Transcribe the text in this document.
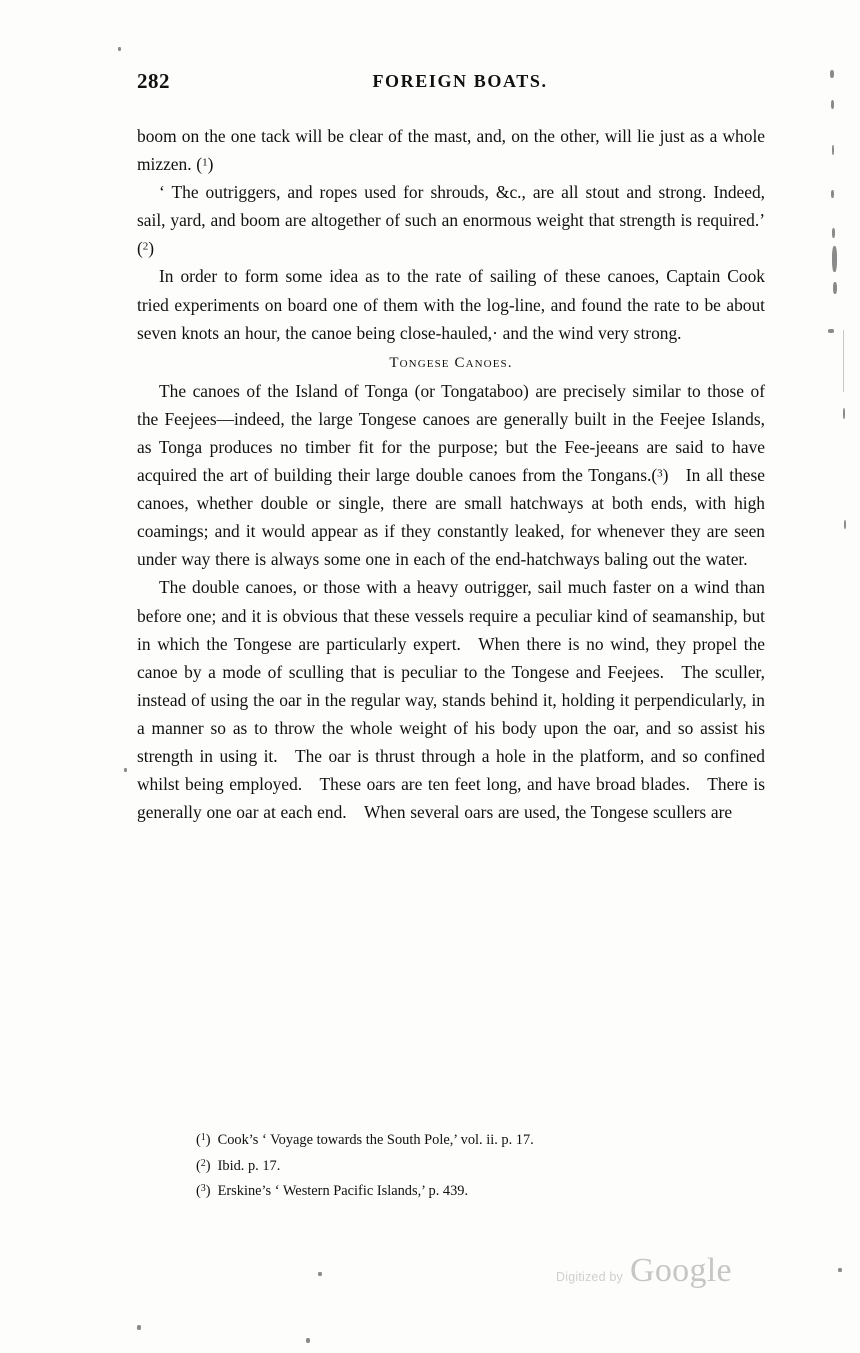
282	FOREIGN BOATS.

boom on the one tack will be clear of the mast, and, on the other, will lie just as a whole mizzen. ($^1$)

‘ The outriggers, and ropes used for shrouds, &c., are all stout and strong. Indeed, sail, yard, and boom are altogether of such an enormous weight that strength is required.’ ($^2$)

In order to form some idea as to the rate of sailing of these canoes, Captain Cook tried experiments on board one of them with the log-line, and found the rate to be about seven knots an hour, the canoe being close-hauled,· and the wind very strong.

Tongese Canoes.

The canoes of the Island of Tonga (or Tongataboo) are precisely similar to those of the Feejees—indeed, the large Tongese canoes are generally built in the Feejee Islands, as Tonga produces no timber fit for the purpose; but the Fee-jeeans are said to have acquired the art of building their large double canoes from the Tongans.($^3$) In all these canoes, whether double or single, there are small hatchways at both ends, with high coamings; and it would appear as if they constantly leaked, for whenever they are seen under way there is always some one in each of the end-hatchways baling out the water.

The double canoes, or those with a heavy outrigger, sail much faster on a wind than before one; and it is obvious that these vessels require a peculiar kind of seamanship, but in which the Tongese are particularly expert. When there is no wind, they propel the canoe by a mode of sculling that is peculiar to the Tongese and Feejees. The sculler, instead of using the oar in the regular way, stands behind it, holding it perpendicularly, in a manner so as to throw the whole weight of his body upon the oar, and so assist his strength in using it. The oar is thrust through a hole in the platform, and so confined whilst being employed. These oars are ten feet long, and have broad blades. There is generally one oar at each end. When several oars are used, the Tongese scullers are

($^1$) Cook’s ‘ Voyage towards the South Pole,’ vol. ii. p. 17.
($^2$) Ibid. p. 17.
($^3$) Erskine’s ‘ Western Pacific Islands,’ p. 439.
Digitized by Google
